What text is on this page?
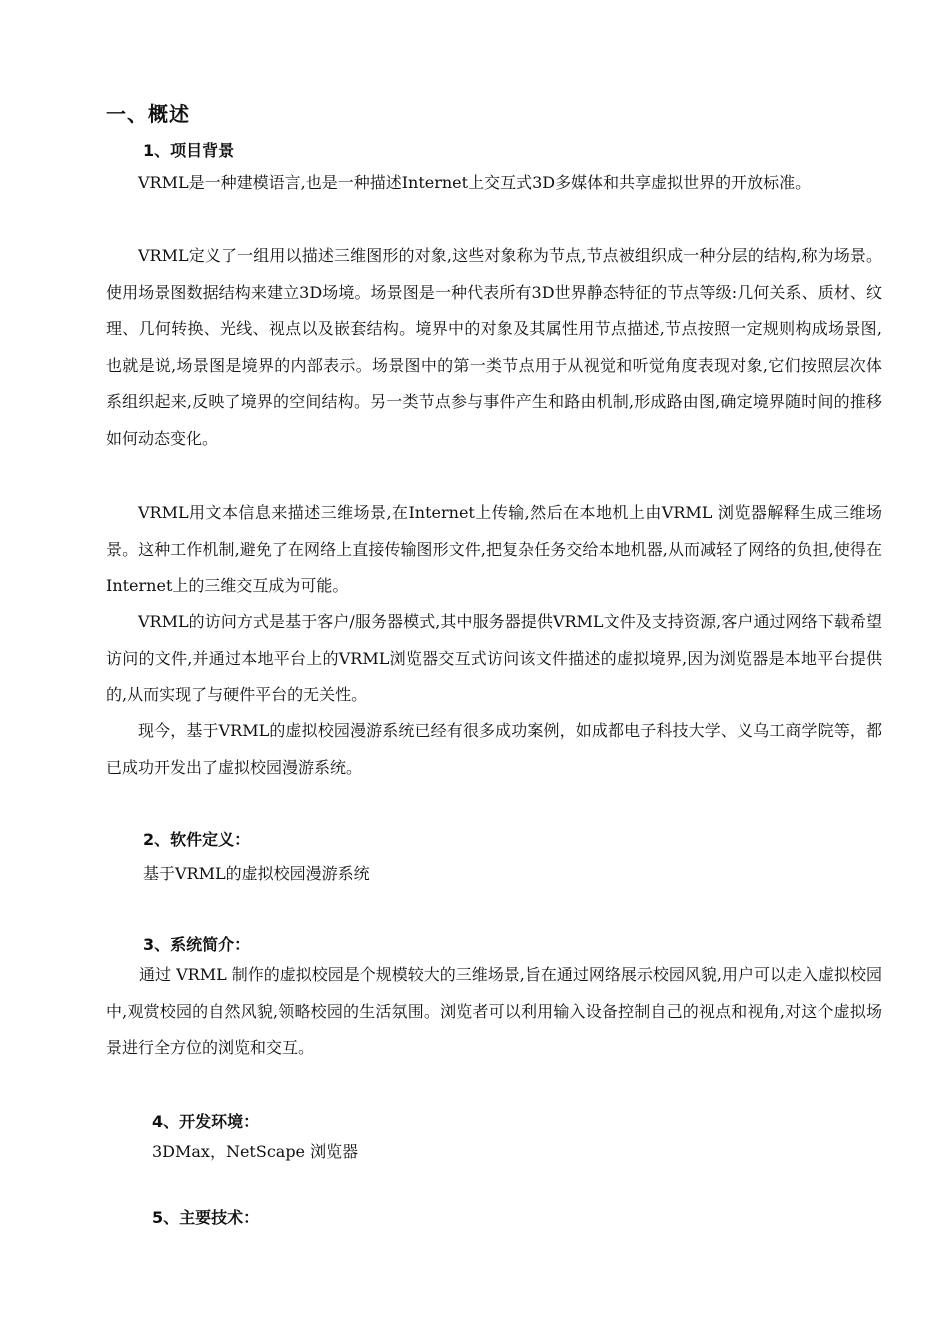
一、概述
1、项目背景

VRML是一种建模语言,也是一种描述Internet上交互式3D多媒体和共享虚拟世界的开放标准。

VRML定义了一组用以描述三维图形的对象,这些对象称为节点,节点被组织成一种分层的结构,称为场景。使用场景图数据结构来建立3D场境。场景图是一种代表所有3D世界静态特征的节点等级:几何关系、质材、纹理、几何转换、光线、视点以及嵌套结构。境界中的对象及其属性用节点描述,节点按照一定规则构成场景图,也就是说,场景图是境界的内部表示。场景图中的第一类节点用于从视觉和听觉角度表现对象,它们按照层次体系组织起来,反映了境界的空间结构。另一类节点参与事件产生和路由机制,形成路由图,确定境界随时间的推移如何动态变化。

VRML用文本信息来描述三维场景,在Internet上传输,然后在本地机上由VRML 浏览器解释生成三维场景。这种工作机制,避免了在网络上直接传输图形文件,把复杂任务交给本地机器,从而减轻了网络的负担,使得在Internet上的三维交互成为可能。

VRML的访问方式是基于客户/服务器模式,其中服务器提供VRML文件及支持资源,客户通过网络下载希望访问的文件,并通过本地平台上的VRML浏览器交互式访问该文件描述的虚拟境界,因为浏览器是本地平台提供的,从而实现了与硬件平台的无关性。

现今，基于VRML的虚拟校园漫游系统已经有很多成功案例，如成都电子科技大学、义乌工商学院等，都已成功开发出了虚拟校园漫游系统。

2、软件定义：
基于VRML的虚拟校园漫游系统
3、系统简介：

通过 VRML 制作的虚拟校园是个规模较大的三维场景,旨在通过网络展示校园风貌,用户可以走入虚拟校园中,观赏校园的自然风貌,领略校园的生活氛围。浏览者可以利用输入设备控制自己的视点和视角,对这个虚拟场景进行全方位的浏览和交互。

4、开发环境：
3DMax，NetScape 浏览器
5、主要技术：
